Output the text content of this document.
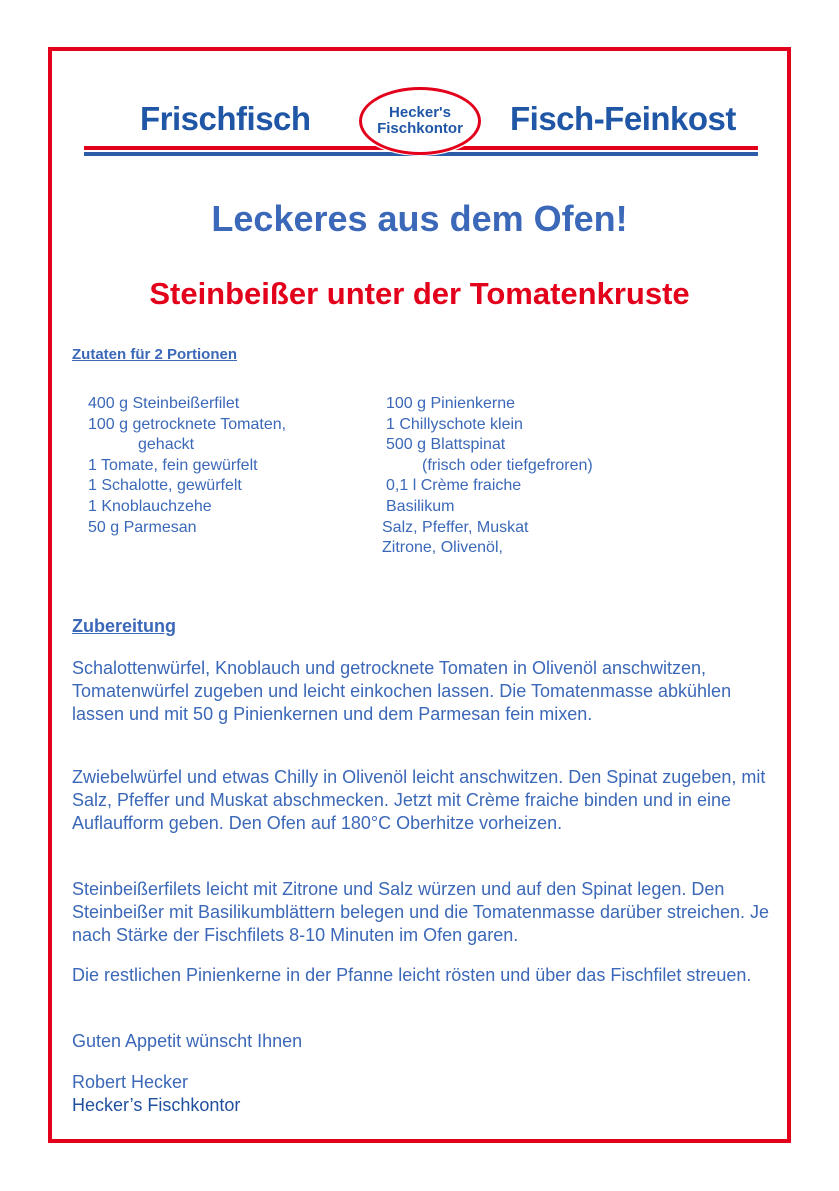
Frischfisch	Hecker's
Fischkontor Fisch-Feinkost
Leckeres aus dem Ofen!
Steinbeißer unter der Tomatenkruste
Zutaten für 2 Portionen
400 g Steinbeißerfilet
100 g getrocknete Tomaten,
gehackt
1 Tomate, fein gewürfelt
1 Schalotte, gewürfelt
1 Knoblauchzehe
50 g Parmesan
100 g Pinienkerne
1 Chillyschote klein
500 g Blattspinat
(frisch oder tiefgefroren)
0,1 l Crème fraiche
Basilikum
Salz, Pfeffer, Muskat
Zitrone, Olivenöl,
Zubereitung

Schalottenwürfel, Knoblauch und getrocknete Tomaten in Olivenöl anschwitzen, Tomatenwürfel zugeben und leicht einkochen lassen. Die Tomatenmasse abkühlen lassen und mit 50 g Pinienkernen und dem Parmesan fein mixen.

Zwiebelwürfel und etwas Chilly in Olivenöl leicht anschwitzen. Den Spinat zugeben, mit Salz, Pfeffer und Muskat abschmecken. Jetzt mit Crème fraiche binden und in eine Auflaufform geben. Den Ofen auf 180°C Oberhitze vorheizen.

Steinbeißerfilets leicht mit Zitrone und Salz würzen und auf den Spinat legen. Den Steinbeißer mit Basilikumblättern belegen und die Tomatenmasse darüber streichen. Je nach Stärke der Fischfilets 8-10 Minuten im Ofen garen.

Die restlichen Pinienkerne in der Pfanne leicht rösten und über das Fischfilet streuen.

Guten Appetit wünscht Ihnen

Robert Hecker

Hecker’s Fischkontor
